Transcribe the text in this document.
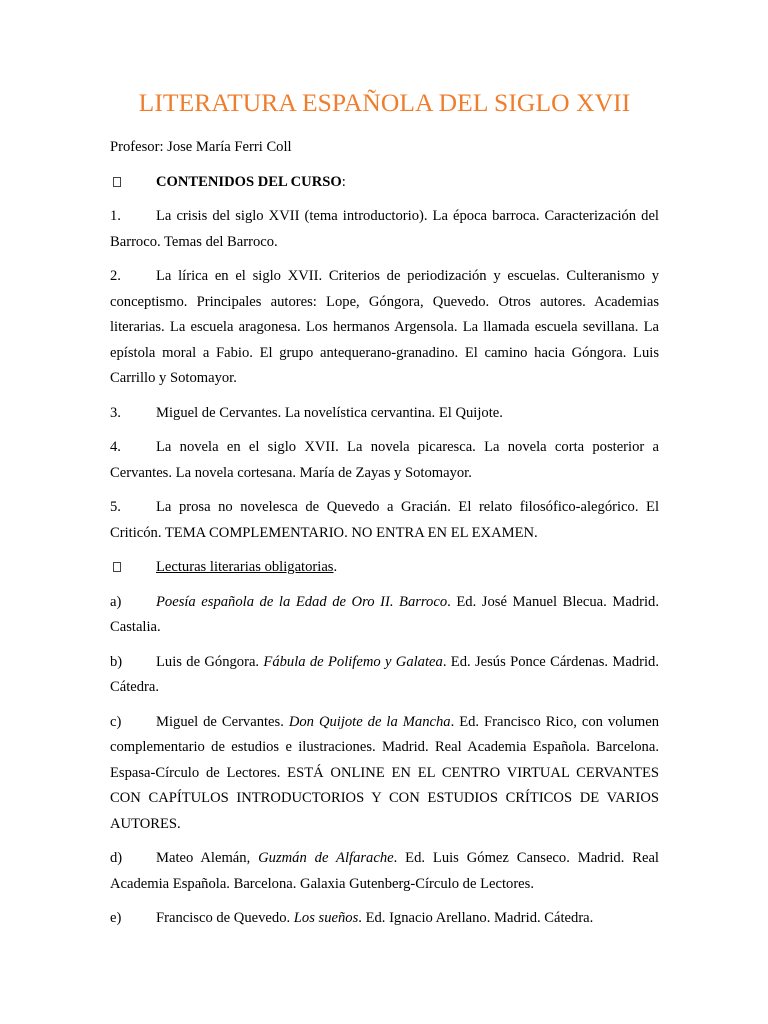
LITERATURA ESPAÑOLA DEL SIGLO XVII

Profesor: Jose María Ferri Coll

CONTENIDOS DEL CURSO:

1.	La crisis del siglo XVII (tema introductorio). La época barroca. Caracterización del Barroco. Temas del Barroco.

2.	La lírica en el siglo XVII. Criterios de periodización y escuelas. Culteranismo y conceptismo. Principales autores: Lope, Góngora, Quevedo. Otros autores. Academias literarias. La escuela aragonesa. Los hermanos Argensola. La llamada escuela sevillana. La epístola moral a Fabio. El grupo antequerano-granadino. El camino hacia Góngora. Luis Carrillo y Sotomayor.

3.	Miguel de Cervantes. La novelística cervantina. El Quijote.

4.	La novela en el siglo XVII. La novela picaresca. La novela corta posterior a Cervantes. La novela cortesana. María de Zayas y Sotomayor.

5.	La prosa no novelesca de Quevedo a Gracián. El relato filosófico-alegórico. El Criticón. TEMA COMPLEMENTARIO. NO ENTRA EN EL EXAMEN.

Lecturas literarias obligatorias.

a)	Poesía española de la Edad de Oro II. Barroco. Ed. José Manuel Blecua. Madrid. Castalia.

b)	Luis de Góngora. Fábula de Polifemo y Galatea. Ed. Jesús Ponce Cárdenas. Madrid. Cátedra.

c)	Miguel de Cervantes. Don Quijote de la Mancha. Ed. Francisco Rico, con volumen complementario de estudios e ilustraciones. Madrid. Real Academia Española. Barcelona. Espasa-Círculo de Lectores. ESTÁ ONLINE EN EL CENTRO VIRTUAL CERVANTES CON CAPÍTULOS INTRODUCTORIOS Y CON ESTUDIOS CRÍTICOS DE VARIOS AUTORES.

d)	Mateo Alemán, Guzmán de Alfarache. Ed. Luis Gómez Canseco. Madrid. Real Academia Española. Barcelona. Galaxia Gutenberg-Círculo de Lectores.

e)	Francisco de Quevedo. Los sueños. Ed. Ignacio Arellano. Madrid. Cátedra.
